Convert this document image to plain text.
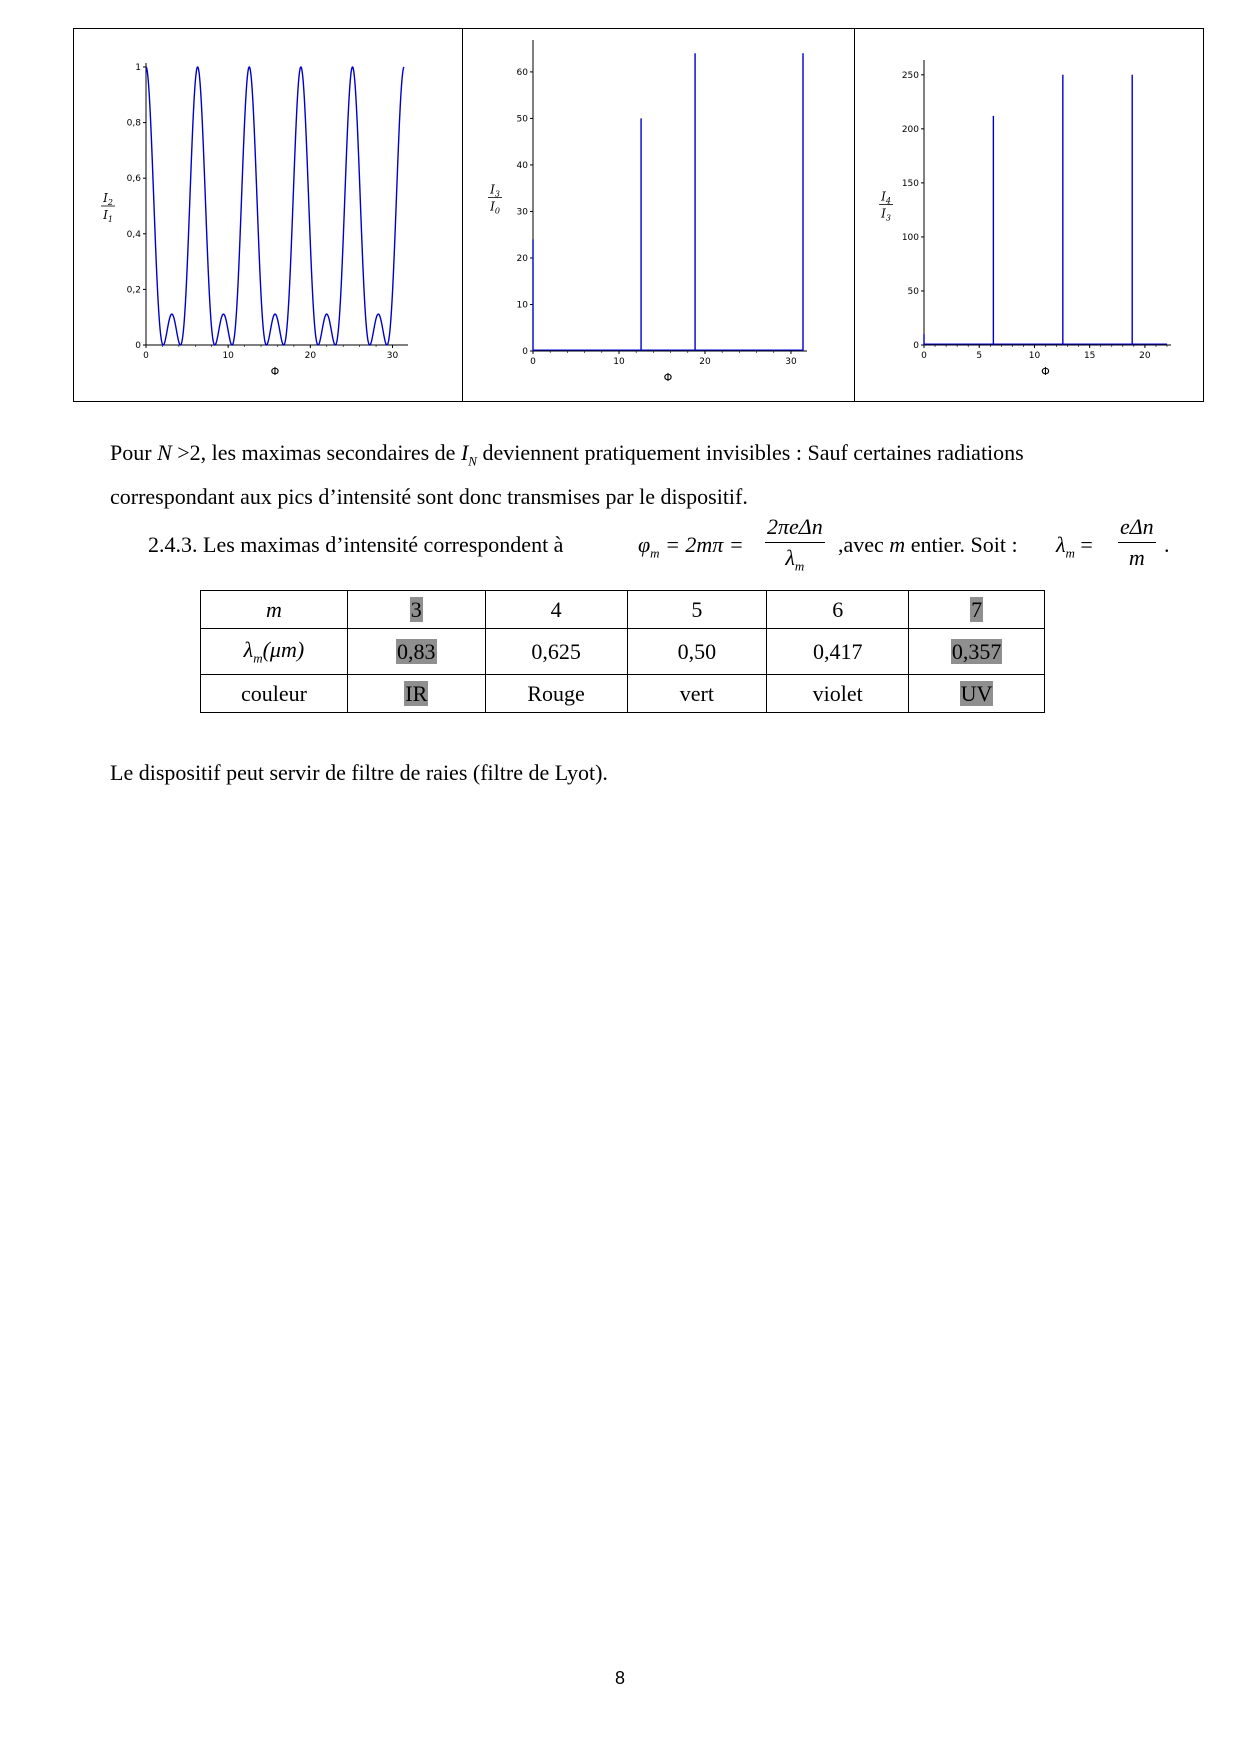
0
0,2
0,4
0,6
0,8
1
0	10	20	30
Φ
$I_2$
$I_1$
0
10
20
30
40
50
60
0	10	20	30
Φ
$I_3$
$I_0$
0
50
100
150
200
250
0	5	10	15	20
Φ
$I_4$
$I_3$

Pour N >2, les maximas secondaires de $I_N$ deviennent pratiquement invisibles : Sauf certaines radiations
correspondant aux pics d’intensité sont donc transmises par le dispositif.

2.4.3. Les maximas d’intensité correspondent à	$\varphi_m = 2m\pi$ =
2πeΔn
$\lambda_m$
,avec m entier. Soit : $\lambda_m$ =
eΔn
m
.
m	3	4	5	6	7
$\lambda_m(\mu m)$	0,83	0,625	0,50	0,417	0,357
couleur	IR	Rouge	vert	violet	UV

Le dispositif peut servir de filtre de raies (filtre de Lyot).

8
